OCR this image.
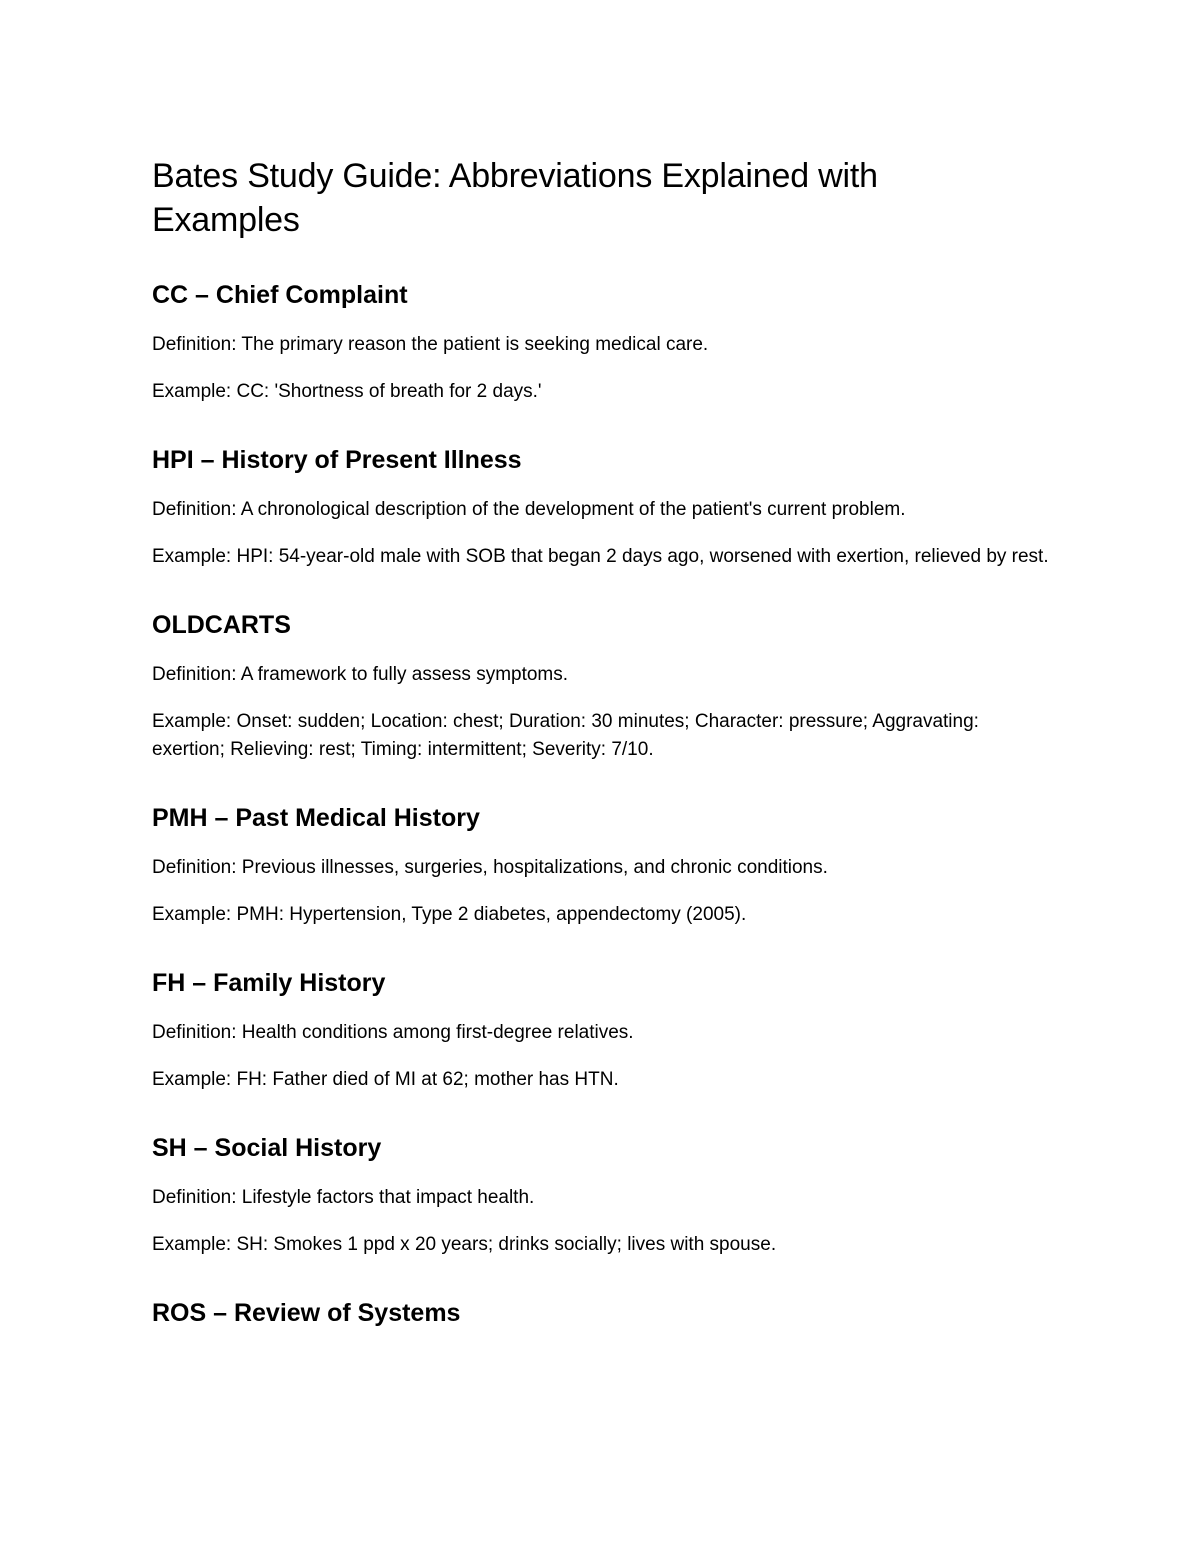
Bates Study Guide: Abbreviations Explained with Examples
CC – Chief Complaint

Definition: The primary reason the patient is seeking medical care.

Example: CC: 'Shortness of breath for 2 days.'

HPI – History of Present Illness

Definition: A chronological description of the development of the patient's current problem.

Example: HPI: 54-year-old male with SOB that began 2 days ago, worsened with exertion, relieved by rest.

OLDCARTS

Definition: A framework to fully assess symptoms.

Example: Onset: sudden; Location: chest; Duration: 30 minutes; Character: pressure; Aggravating: exertion; Relieving: rest; Timing: intermittent; Severity: 7/10.

PMH – Past Medical History

Definition: Previous illnesses, surgeries, hospitalizations, and chronic conditions.

Example: PMH: Hypertension, Type 2 diabetes, appendectomy (2005).

FH – Family History

Definition: Health conditions among first-degree relatives.

Example: FH: Father died of MI at 62; mother has HTN.

SH – Social History

Definition: Lifestyle factors that impact health.

Example: SH: Smokes 1 ppd x 20 years; drinks socially; lives with spouse.

ROS – Review of Systems
